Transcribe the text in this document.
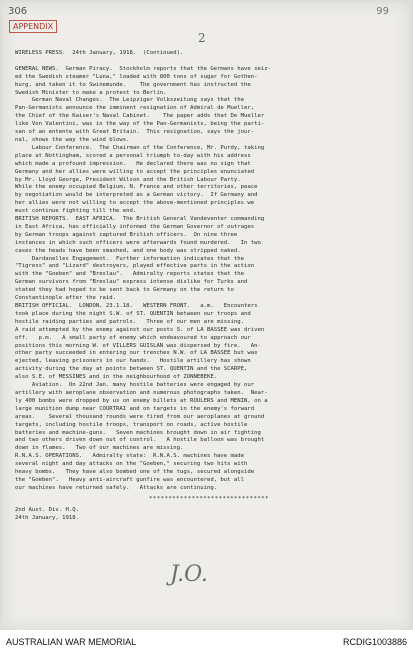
306	99
APPENDIX
2

WIRELESS PRESS.  24th January, 1918.  (Continued).

GENERAL NEWS.  German Piracy.  Stockholm reports that the Germans have seiz-

ed the Swedish steamer "Luna," loaded with 800 tons of sugar for Gothen-

burg, and taken it to Swinemunde.    The government has instructed the

Swedish Minister to make a protest to Berlin.

German Naval Changes.  The Leipziger Volkszeitung says that the

Pan-Germanists announce the imminent resignation of Admiral de Mueller,

the Chief of the Kaiser's Naval Cabinet.    The paper adds that De Mueller

like Von Valentini, was in the way of the Pan-Germanists, being the parti-

san of an entente with Great Britain.  This resignation, says the jour-

nal, shows the way the wind blows.

Labour Conference.  The Chairman of the Conference, Mr. Purdy, taking

place at Nottingham, scored a personal triumph to-day with his address

which made a profound impression.   He declared there was no sign that

Germany and her allies were willing to accept the principles enunciated

by Mr. Lloyd George, President Wilson and the British Labour Party.

While the enemy occupied Belgium, N. France and other territories, peace

by negotiation would be interpreted as a German victory.  If Germany and

her allies were not willing to accept the above-mentioned principles we

must continue fighting till the end.

BRITISH REPORTS.  EAST AFRICA.  The British General Vandeventer commanding

in East Africa, has officially informed the German Governor of outrages

by German troops against captured British officers.  On nine three

instances in which such officers were afterwards found murdered.   In two

cases the heads have been smashed, and one body was stripped naked.

Dardanelles Engagement.  Further information indicates that the

"Tigress" and "Lizard" destroyers, played effective parts in the action

with the "Goeben" and "Breslau".   Admiralty reports states that the

German survivors from "Breslau" express intense dislike for Turks and

stated they had hoped to be sent back to Germany on the return to

Constantinople after the raid.

BRITISH OFFICIAL.  LONDON, 23.1.18.   WESTERN FRONT.   a.m.   Encounters

took place during the night S.W. of ST. QUENTIN between our troops and

hostile raiding parties and patrols.   Three of our men are missing.

A raid attempted by the enemy against our posts S. of LA BASSEE was driven

off.   p.m.   A small party of enemy which endeavoured to approach our

positions this morning W. of VILLERS GUISLAN was dispersed by fire.   An-

other party succeeded in entering our trenches N.W. of LA BASSEE but was

ejected, leaving prisoners in our hands.   Hostile artillery has shown

activity during the day at points between ST. QUENTIN and the SCARPE,

also S.E. of MESSINES and in the neighbourhood of ZONNEBEKE.

Aviation.  On 22nd Jan. many hostile batteries were engaged by our

artillery with aeroplane observation and numerous photographs taken.  Near-

ly 400 bombs were dropped by us on enemy billets at ROULERS and MENIN, on a

large munition dump near COURTRAI and on targets in the enemy's forward

areas.    Several thousand rounds were fired from our aeroplanes at ground

targets, including hostile troops, transport on roads, active hostile

batteries and machine-guns.   Seven machines brought down in air fighting

and two others driven down out of control.   A hostile balloon was brought

down in flames.   Two of our machines are missing.

R.N.A.S. OPERATIONS.   Admiralty state:  R.N.A.S. machines have made

several night and day attacks on the "Goeben," securing two hits with

heavy bombs.   They have also bombed one of the tugs, secured alongside

the "Goeben".   Heavy anti-aircraft gunfire was encountered, but all

our machines have returned safely.   Attacks are continuing.

*******************************

2nd Aust. Div. H.Q.

24th January, 1918.

J.O.
AUSTRALIAN WAR MEMORIAL	RCDIG1003886
